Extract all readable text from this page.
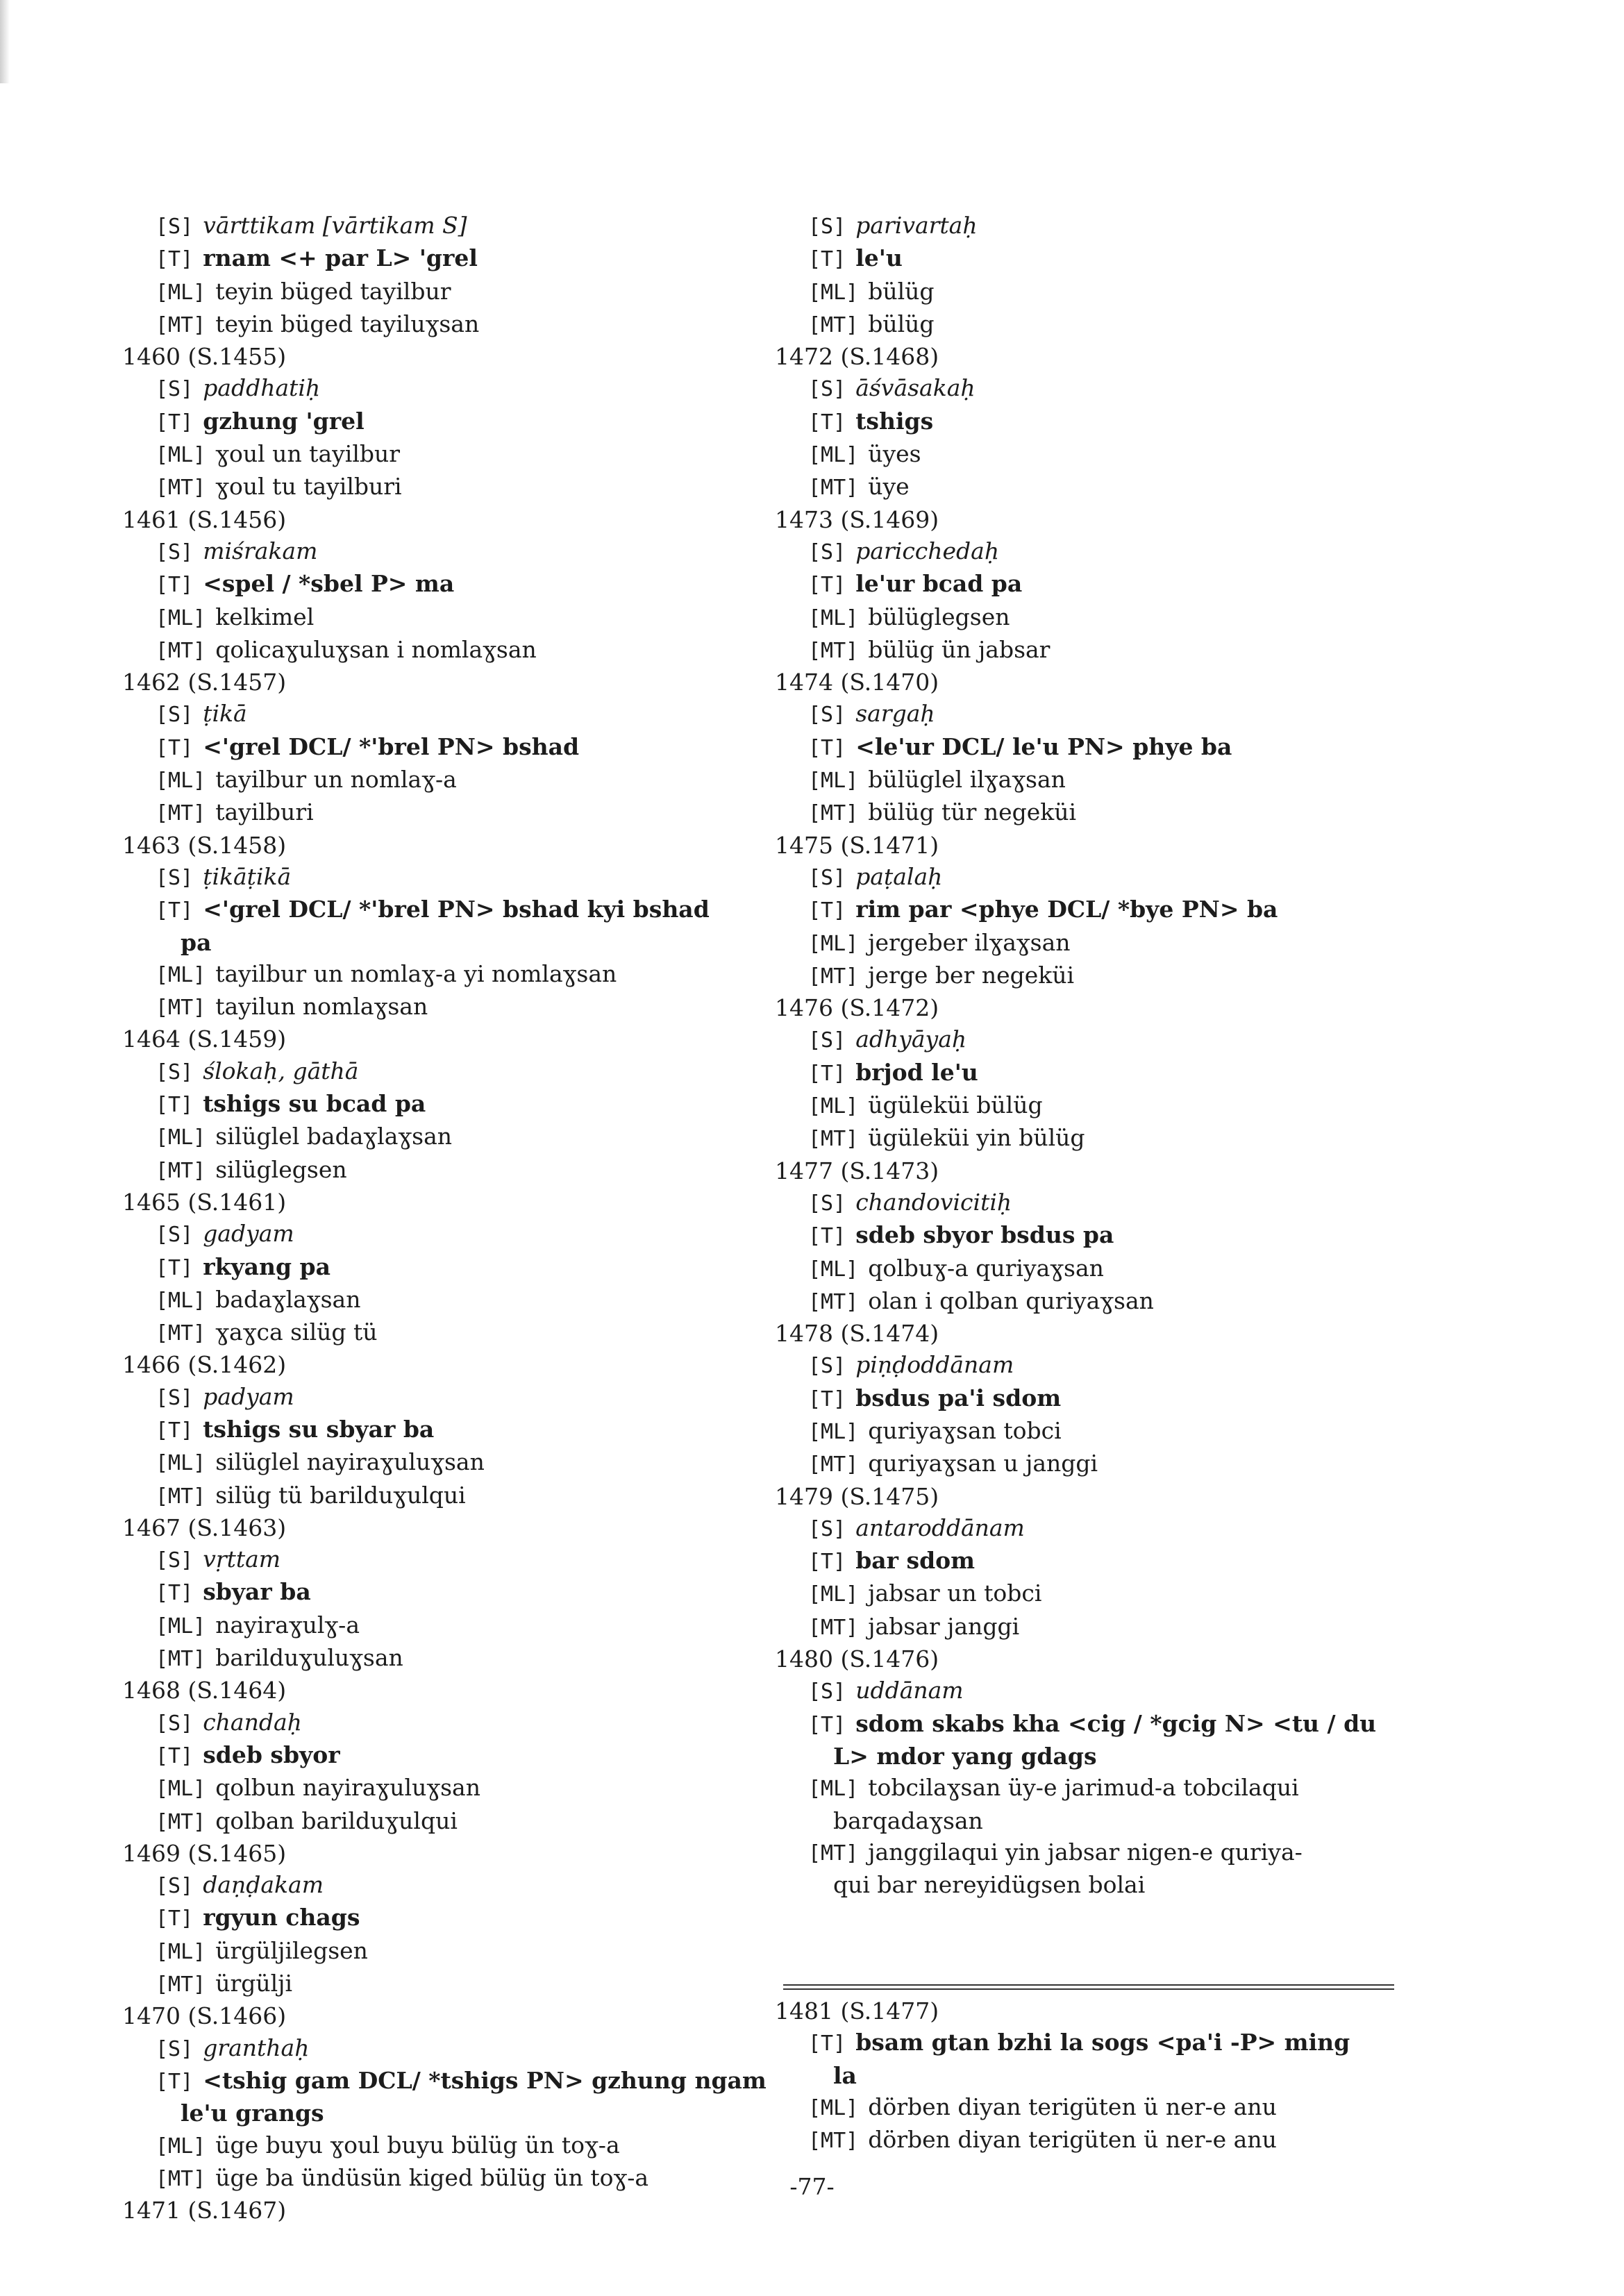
[S] vārttikam [vārtikam S]
[T] rnam <+ par L> 'grel
[ML] teyin büged tayilbur
[MT] teyin büged tayiluɣsan
1460 (S.1455)
[S] paddhatiḥ
[T] gzhung 'grel
[ML] ɣoul un tayilbur
[MT] ɣoul tu tayilburi
1461 (S.1456)
[S] miśrakam
[T] <spel / *sbel P> ma
[ML] kelkimel
[MT] qolicaɣuluɣsan i nomlaɣsan
1462 (S.1457)
[S] ṭikā
[T] <'grel DCL/ *'brel PN> bshad
[ML] tayilbur un nomlaɣ-a
[MT] tayilburi
1463 (S.1458)
[S] ṭikāṭikā
[T] <'grel DCL/ *'brel PN> bshad kyi bshad
pa
[ML] tayilbur un nomlaɣ-a yi nomlaɣsan
[MT] tayilun nomlaɣsan
1464 (S.1459)
[S] ślokaḥ, gāthā
[T] tshigs su bcad pa
[ML] silüglel badaɣlaɣsan
[MT] silüglegsen
1465 (S.1461)
[S] gadyam
[T] rkyang pa
[ML] badaɣlaɣsan
[MT] ɣaɣca silüg tü
1466 (S.1462)
[S] padyam
[T] tshigs su sbyar ba
[ML] silüglel nayiraɣuluɣsan
[MT] silüg tü barilduɣulqui
1467 (S.1463)
[S] vṛttam
[T] sbyar ba
[ML] nayiraɣulɣ-a
[MT] barilduɣuluɣsan
1468 (S.1464)
[S] chandaḥ
[T] sdeb sbyor
[ML] qolbun nayiraɣuluɣsan
[MT] qolban barilduɣulqui
1469 (S.1465)
[S] daṇḍakam
[T] rgyun chags
[ML] ürgüljilegsen
[MT] ürgülji
1470 (S.1466)
[S] granthaḥ
[T] <tshig gam DCL/ *tshigs PN> gzhung ngam
le'u grangs
[ML] üge buyu ɣoul buyu bülüg ün toɣ-a
[MT] üge ba ündüsün kiged bülüg ün toɣ-a
1471 (S.1467)
[S] parivartaḥ
[T] le'u
[ML] bülüg
[MT] bülüg
1472 (S.1468)
[S] āśvāsakaḥ
[T] tshigs
[ML] üyes
[MT] üye
1473 (S.1469)
[S] paricchedaḥ
[T] le'ur bcad pa
[ML] bülüglegsen
[MT] bülüg ün jabsar
1474 (S.1470)
[S] sargaḥ
[T] <le'ur DCL/ le'u PN> phye ba
[ML] bülüglel ilɣaɣsan
[MT] bülüg tür negeküi
1475 (S.1471)
[S] paṭalaḥ
[T] rim par <phye DCL/ *bye PN> ba
[ML] jergeber ilɣaɣsan
[MT] jerge ber negeküi
1476 (S.1472)
[S] adhyāyaḥ
[T] brjod le'u
[ML] ügüleküi bülüg
[MT] ügüleküi yin bülüg
1477 (S.1473)
[S] chandovicitiḥ
[T] sdeb sbyor bsdus pa
[ML] qolbuɣ-a quriyaɣsan
[MT] olan i qolban quriyaɣsan
1478 (S.1474)
[S] piṇḍoddānam
[T] bsdus pa'i sdom
[ML] quriyaɣsan tobci
[MT] quriyaɣsan u janggi
1479 (S.1475)
[S] antaroddānam
[T] bar sdom
[ML] jabsar un tobci
[MT] jabsar janggi
1480 (S.1476)
[S] uddānam
[T] sdom skabs kha <cig / *gcig N> <tu / du
L> mdor yang gdags
[ML] tobcilaɣsan üy-e jarimud-a tobcilaqui
barqadaɣsan
[MT] janggilaqui yin jabsar nigen-e quriya-
qui bar nereyidügsen bolai
1481 (S.1477)
[T] bsam gtan bzhi la sogs <pa'i -P> ming
la
[ML] dörben diyan terigüten ü ner-e anu
[MT] dörben diyan terigüten ü ner-e anu
-77-
